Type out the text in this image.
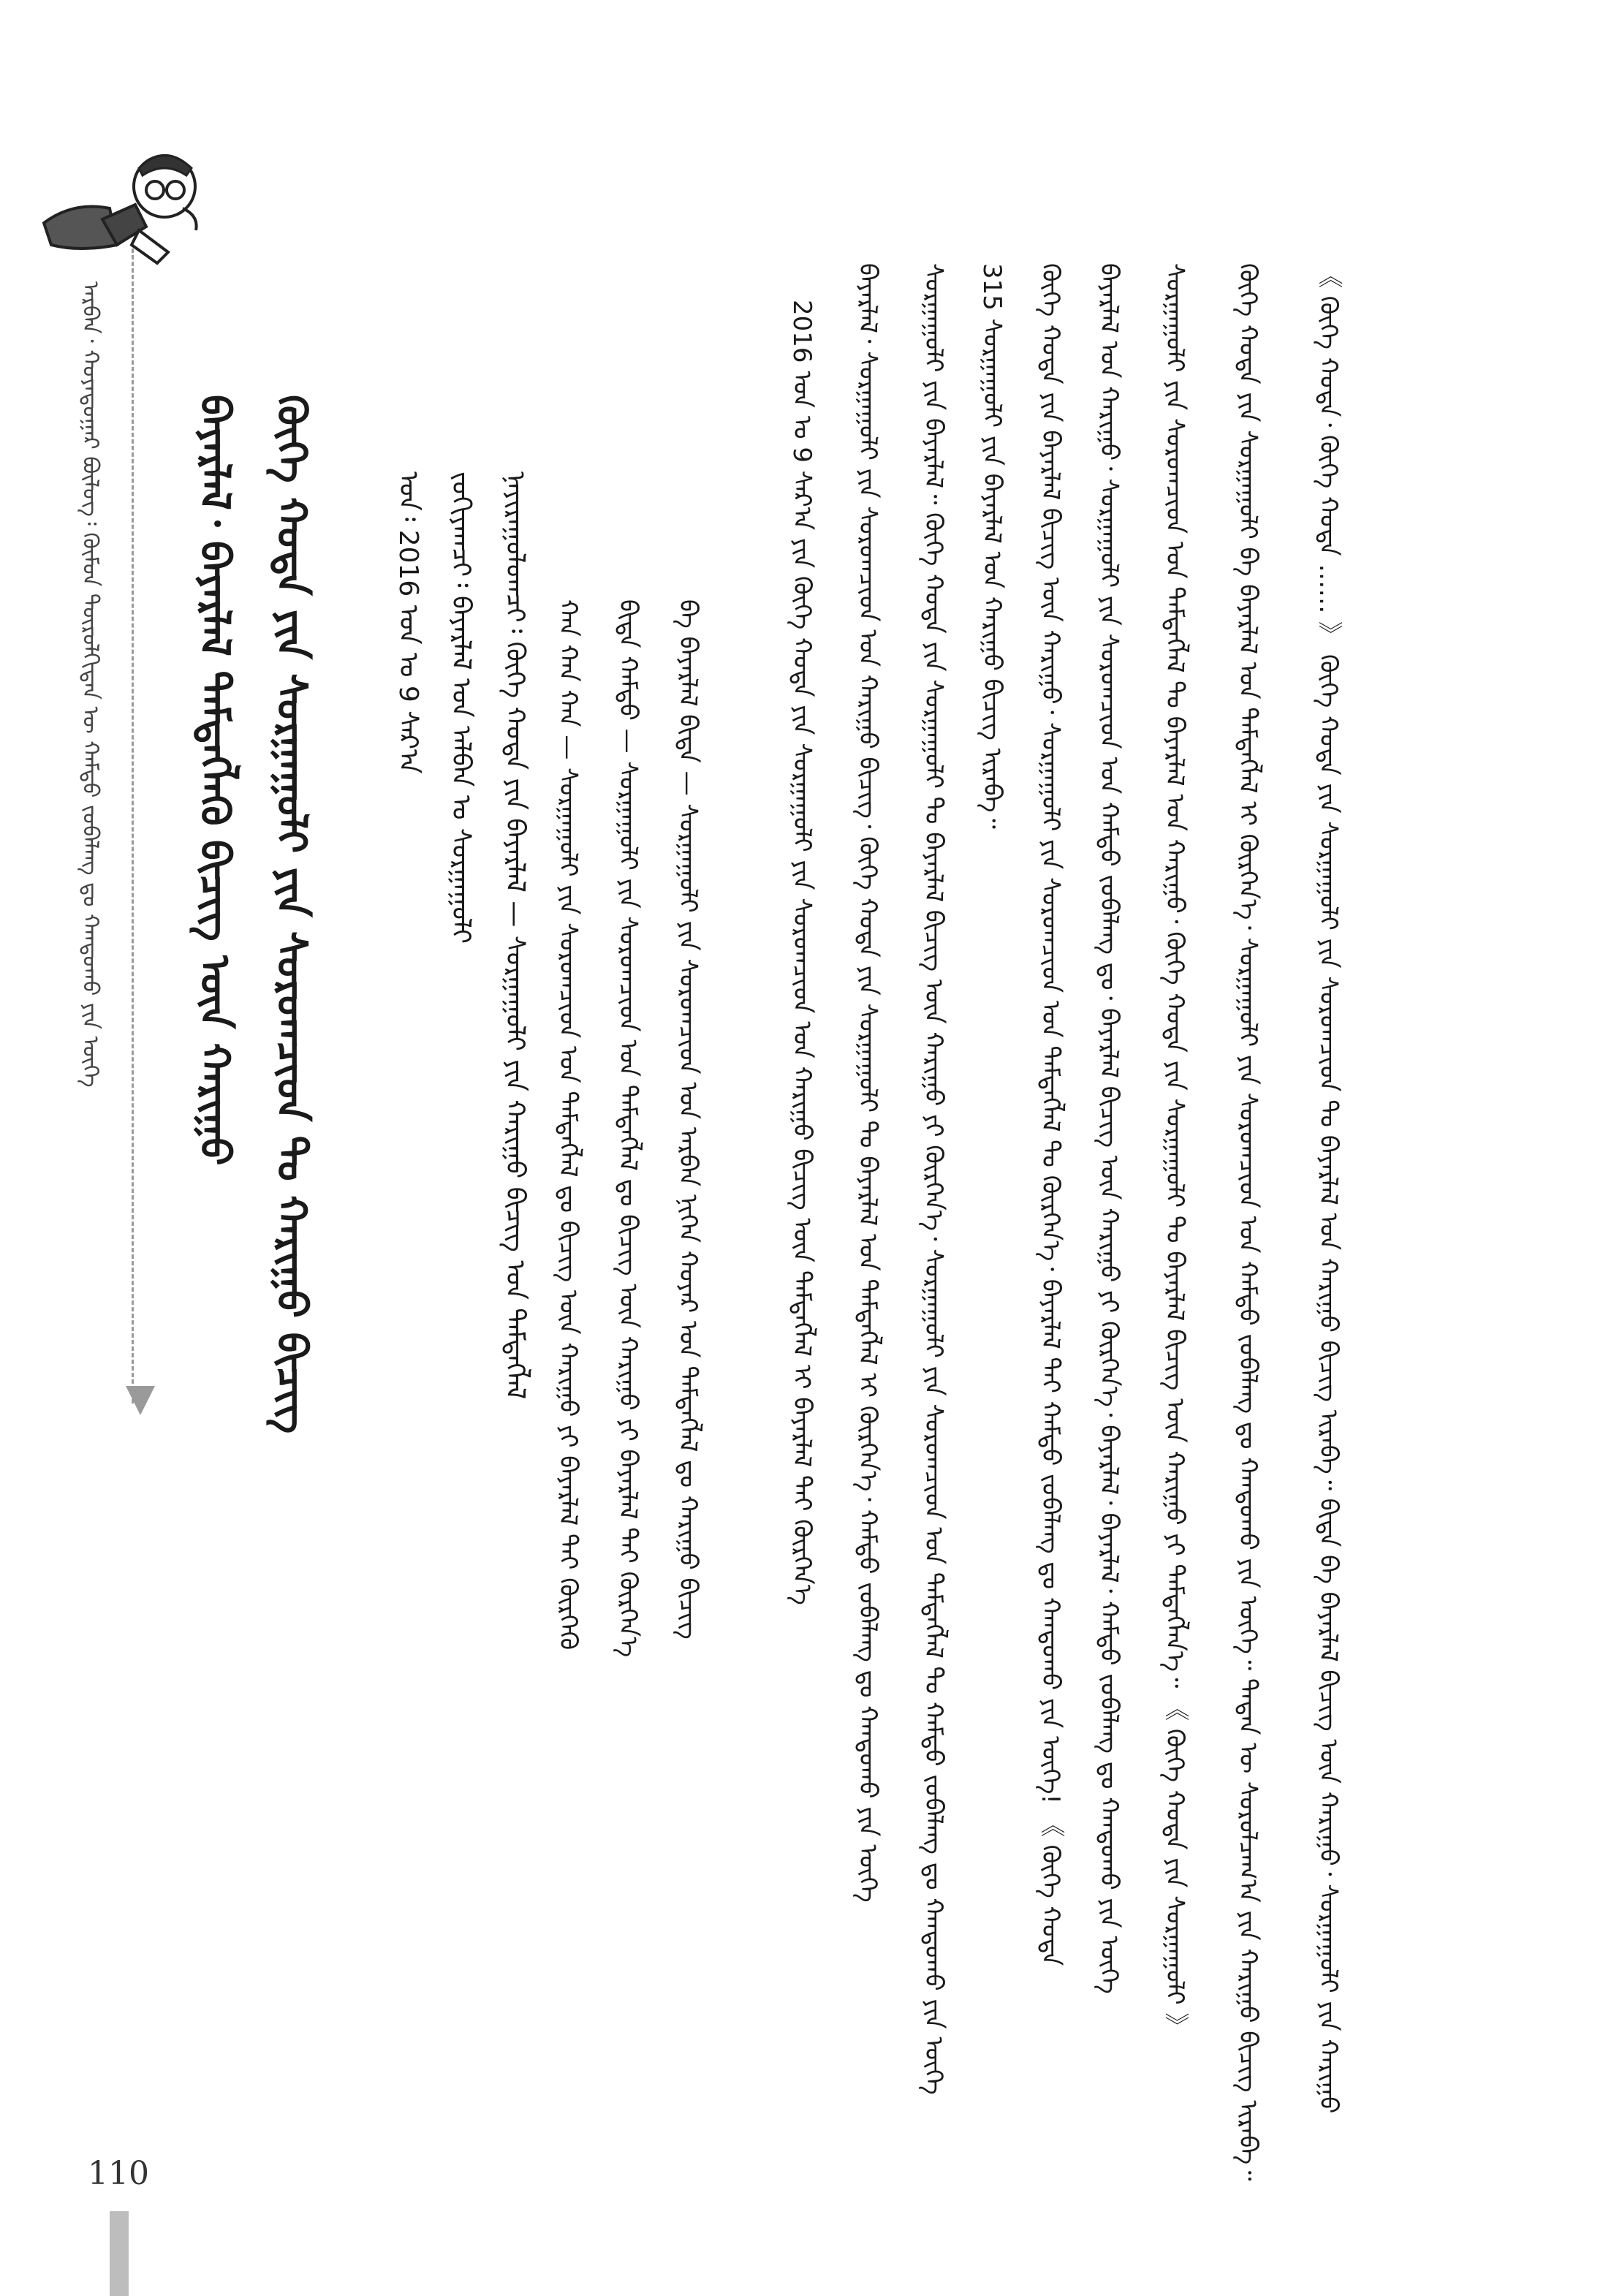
ᠠᠷᠪᠠᠨ᠂ ᠬᠣᠶᠠᠳᠤᠭᠠᠷ ᠪᠦᠯᠦᠭ᠄ ᠬᠦᠮᠦᠨ ᠲᠥᠷᠦᠯᠬᠢᠲᠡᠨ ᠦ ᠬᠠᠮᠲᠤ ᠵᠣᠪᠠᠯᠠᠩ ᠳᠤ ᠬᠠᠨᠳᠤᠬᠤ ᠶᠢᠨ ᠦᠭᠡ
110
ᠪᠠᠶᠠᠷᠯᠠᠯ᠂ ᠪᠠᠶᠠᠷᠯᠠᠯ ᠲᠡᠮᠳᠡᠭᠯᠡᠬᠦ ᠪᠢᠴᠢᠭ ᠦᠨ ᠬᠠᠷᠢᠭᠤ ᠬᠥᠬᠡ ᠬᠣᠲᠠ ᠶᠢᠨ ᠰᠤᠷᠭᠠᠭᠤᠯᠢ ᠶᠢᠨ ᠰᠤᠷᠤᠭᠴᠢᠳ ᠲᠤ ᠬᠠᠷᠢᠭᠤ ᠪᠢᠴᠢᠭ	ᠣᠨ᠄ 2016 ᠣᠨ ᠤ 9 ᠰᠠᠷ᠎ᠠ ᠵᠣᠬᠢᠶᠠᠭᠴᠢ᠄ ᠪᠠᠶᠠᠷᠯᠠᠯ ᠤᠨ ᠠᠯᠪᠠᠨ ᠤ ᠰᠤᠷᠭᠠᠭᠤᠯᠢ ᠨᠠᠶᠢᠷᠠᠭᠤᠯᠤᠭᠴᠢ᠄ ᠬᠥᠬᠡ ᠬᠣᠲᠠ ᠶᠢᠨ ᠪᠠᠶᠠᠷᠯᠠᠯ — ᠰᠤᠷᠭᠠᠭᠤᠯᠢ ᠶᠢᠨ ᠬᠠᠷᠢᠭᠤ ᠪᠢᠴᠢᠭ ᠤᠨ ᠲᠡᠮᠳᠡᠭᠯᠡᠯ ᠬᠠᠨ ᠬᠠᠨ ᠬᠠᠨ — ᠰᠤᠷᠭᠠᠭᠤᠯᠢ ᠶᠢᠨ ᠰᠤᠷᠤᠭᠴᠢᠳ ᠤᠨ ᠲᠡᠮᠳᠡᠭᠯᠡᠯ ᠳᠤ ᠪᠢᠴᠢᠭ ᠦᠨ ᠬᠠᠷᠢᠭᠤ ᠶᠢ ᠪᠠᠶᠠᠷᠯᠠᠯ ᠲᠠᠢ ᠬᠦᠷᠭᠡᠬᠦ ᠪᠢᠳᠡ ᠬᠠᠮᠲᠤ — ᠰᠤᠷᠭᠠᠭᠤᠯᠢ ᠶᠢᠨ ᠰᠤᠷᠤᠭᠴᠢᠳ ᠤᠨ ᠲᠡᠮᠳᠡᠭᠯᠡᠯ ᠳᠤ ᠪᠢᠴᠢᠭ ᠦᠨ ᠬᠠᠷᠢᠭᠤ ᠶᠢ ᠪᠠᠶᠠᠷᠯᠠᠯ ᠲᠠᠢ ᠬᠦᠷᠭᠡᠨ᠎ᠡ ᠪᠠ ᠪᠠᠶᠠᠷᠯᠠᠯ ᠪᠢᠳᠡ — ᠰᠤᠷᠭᠠᠭᠤᠯᠢ ᠶᠢᠨ ᠰᠤᠷᠤᠭᠴᠢᠳ ᠤᠨ ᠠᠷᠪᠠᠨ ᠨᠢᠭᠡᠨ ᠬᠣᠶᠠᠷ ᠤᠨ ᠲᠡᠮᠳᠡᠭᠯᠡᠯ ᠳᠤ ᠬᠠᠷᠢᠭᠤ ᠪᠢᠴᠢᠭ	2016 ᠣᠨ ᠤ 9 ᠰᠠᠷ᠎ᠠ ᠶᠢᠨ ᠬᠥᠬᠡ ᠬᠣᠲᠠ ᠶᠢᠨ ᠰᠤᠷᠭᠠᠭᠤᠯᠢ ᠶᠢᠨ ᠰᠤᠷᠤᠭᠴᠢᠳ ᠤᠨ ᠬᠠᠷᠢᠭᠤ ᠪᠢᠴᠢᠭ ᠦᠨ ᠲᠡᠮᠳᠡᠭᠯᠡᠯ ᠢ ᠪᠠᠶᠠᠷᠯᠠᠯ ᠲᠠᠢ ᠬᠦᠷᠭᠡᠨ᠎ᠡ ᠪᠠᠶᠠᠷᠯᠠᠯ᠂ ᠰᠤᠷᠭᠠᠭᠤᠯᠢ ᠶᠢᠨ ᠰᠤᠷᠤᠭᠴᠢᠳ ᠤᠨ ᠬᠠᠷᠢᠭᠤ ᠪᠢᠴᠢᠭ᠂ ᠬᠥᠬᠡ ᠬᠣᠲᠠ ᠶᠢᠨ ᠰᠤᠷᠭᠠᠭᠤᠯᠢ ᠲᠤ ᠪᠠᠶᠠᠷᠯᠠᠯ ᠤᠨ ᠲᠡᠮᠳᠡᠭᠯᠡᠯ ᠢ ᠬᠦᠷᠭᠡᠨ᠎ᠡ᠂ ᠬᠠᠮᠲᠤ ᠵᠣᠪᠠᠯᠠᠩ ᠳᠤ ᠬᠠᠨᠳᠤᠬᠤ ᠶᠢᠨ ᠦᠭᠡ ᠰᠤᠷᠭᠠᠭᠤᠯᠢ ᠶᠢᠨ ᠪᠠᠶᠠᠷᠯᠠᠯ᠃ ᠬᠥᠬᠡ ᠬᠣᠲᠠ ᠶᠢᠨ ᠰᠤᠷᠭᠠᠭᠤᠯᠢ ᠲᠤ ᠪᠠᠶᠠᠷᠯᠠᠯ ᠪᠢᠴᠢᠭ ᠦᠨ ᠬᠠᠷᠢᠭᠤ ᠶᠢ ᠬᠦᠷᠭᠡᠨ᠎ᠡ᠂ ᠰᠤᠷᠭᠠᠭᠤᠯᠢ ᠶᠢᠨ ᠰᠤᠷᠤᠭᠴᠢᠳ ᠤᠨ ᠲᠡᠮᠳᠡᠭᠯᠡᠯ ᠲᠤ ᠬᠠᠮᠲᠤ ᠵᠣᠪᠠᠯᠠᠩ ᠳᠤ ᠬᠠᠨᠳᠤᠬᠤ ᠶᠢᠨ ᠦᠭᠡ 315 ᠰᠤᠷᠭᠠᠭᠤᠯᠢ ᠶᠢᠨ ᠪᠠᠶᠠᠷᠯᠠᠯ ᠤᠨ ᠬᠠᠷᠢᠭᠤ ᠪᠢᠴᠢᠭ ᠢᠷᠡᠪᠡ᠃ ᠬᠥᠬᠡ ᠬᠣᠲᠠ ᠶᠢᠨ ᠪᠠᠶᠠᠷᠯᠠᠯ ᠪᠢᠴᠢᠭ ᠦᠨ ᠬᠠᠷᠢᠭᠤ᠂ ᠰᠤᠷᠭᠠᠭᠤᠯᠢ ᠶᠢᠨ ᠰᠤᠷᠤᠭᠴᠢᠳ ᠤᠨ ᠲᠡᠮᠳᠡᠭᠯᠡᠯ ᠲᠤ ᠬᠦᠷᠭᠡᠨ᠎ᠡ᠂ ᠪᠠᠶᠠᠷᠯᠠᠯ ᠲᠠᠢ ᠬᠠᠮᠲᠤ ᠵᠣᠪᠠᠯᠠᠩ ᠳᠤ ᠬᠠᠨᠳᠤᠬᠤ ᠶᠢᠨ ᠦᠭᠡ! 《 ᠬᠥᠬᠡ ᠬᠣᠲᠠ ᠪᠠᠶᠠᠷᠯᠠᠯ ᠤᠨ ᠬᠠᠷᠢᠭᠤ᠂ ᠰᠤᠷᠭᠠᠭᠤᠯᠢ ᠶᠢᠨ ᠰᠤᠷᠤᠭᠴᠢᠳ ᠤᠨ ᠬᠠᠮᠲᠤ ᠵᠣᠪᠠᠯᠠᠩ ᠳᠤ᠂ ᠪᠠᠶᠠᠷᠯᠠᠯ ᠪᠢᠴᠢᠭ ᠦᠨ ᠬᠠᠷᠢᠭᠤ ᠶᠢ ᠬᠦᠷᠭᠡᠨ᠎ᠡ᠂ ᠪᠠᠶᠠᠷᠯᠠᠯ᠂ ᠪᠠᠶᠠᠷᠯᠠᠯ᠂ ᠬᠠᠮᠲᠤ ᠵᠣᠪᠠᠯᠠᠩ ᠳᠤ ᠬᠠᠨᠳᠤᠬᠤ ᠶᠢᠨ ᠦᠭᠡ ᠰᠤᠷᠭᠠᠭᠤᠯᠢ ᠶᠢᠨ ᠰᠤᠷᠤᠭᠴᠢᠳ ᠤᠨ ᠲᠡᠮᠳᠡᠭᠯᠡᠯ ᠲᠤ ᠪᠠᠶᠠᠷᠯᠠᠯ ᠤᠨ ᠬᠠᠷᠢᠭᠤ᠂ ᠬᠥᠬᠡ ᠬᠣᠲᠠ ᠶᠢᠨ ᠰᠤᠷᠭᠠᠭᠤᠯᠢ ᠲᠤ ᠪᠠᠶᠠᠷᠯᠠᠯ ᠪᠢᠴᠢᠭ ᠦᠨ ᠬᠠᠷᠢᠭᠤ ᠶᠢ ᠲᠡᠮᠳᠡᠭᠯᠡᠨ᠎ᠡ᠃ 《 ᠬᠥᠬᠡ ᠬᠣᠲᠠ ᠶᠢᠨ ᠰᠤᠷᠭᠠᠭᠤᠯᠢ 》 ᠬᠥᠬᠡ ᠬᠣᠲᠠ ᠶᠢᠨ ᠰᠤᠷᠭᠠᠭᠤᠯᠢ ᠪᠠ ᠪᠠᠶᠠᠷᠯᠠᠯ ᠤᠨ ᠲᠡᠮᠳᠡᠭᠯᠡᠯ ᠢ ᠬᠦᠷᠭᠡᠨ᠎ᠡ᠂ ᠰᠤᠷᠭᠠᠭᠤᠯᠢ ᠶᠢᠨ ᠰᠤᠷᠤᠭᠴᠢᠳ ᠤᠨ ᠬᠠᠮᠲᠤ ᠵᠣᠪᠠᠯᠠᠩ ᠳᠤ ᠬᠠᠨᠳᠤᠬᠤ ᠶᠢᠨ ᠦᠭᠡ᠃ ᠲᠡᠳᠡᠨ ᠦ ᠰᠤᠷᠤᠯᠴᠠᠭ᠎ᠠ ᠶᠢᠨ ᠬᠠᠷᠢᠭᠤ ᠪᠢᠴᠢᠭ ᠢᠷᠡᠪᠡ᠃ 《 ᠬᠥᠬᠡ ᠬᠣᠲᠠ᠂ ᠬᠥᠬᠡ ᠬᠣᠲᠠ …… 》 ᠬᠥᠬᠡ ᠬᠣᠲᠠ ᠶᠢᠨ ᠰᠤᠷᠭᠠᠭᠤᠯᠢ ᠶᠢᠨ ᠰᠤᠷᠤᠭᠴᠢᠳ ᠲᠤ ᠪᠠᠶᠠᠷᠯᠠᠯ ᠤᠨ ᠬᠠᠷᠢᠭᠤ ᠪᠢᠴᠢᠭ ᠢᠷᠡᠪᠡ᠃ ᠪᠢᠳᠡ ᠪᠠ ᠪᠠᠶᠠᠷᠯᠠᠯ ᠪᠢᠴᠢᠭ ᠦᠨ ᠬᠠᠷᠢᠭᠤ᠂ ᠰᠤᠷᠭᠠᠭᠤᠯᠢ ᠶᠢᠨ ᠬᠠᠷᠢᠭᠤ
